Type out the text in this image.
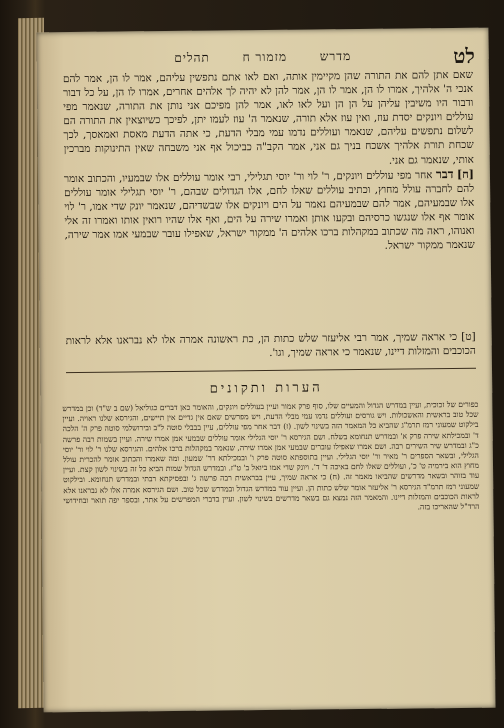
לט
מדרש מזמור ח תהלים

שאם אתן להם את התורה שהן מקיימין אותה, ואם לאו אתם נתפשין עליהם, אמר לו הן, אמר להם אנכי ה' אלהיך, אמרו לו הן, אמר לו הן, אמר להן לא יהיה לך אלהים אחרים, אמרו לו הן, על כל דבור ודבור היו משיבין עליהן על הן הן ועל לאו לאו, אמר להן מפיכם אני נותן את התורה, שנאמר מפי עוללים ויונקים יסדת עוז, ואין עוז אלא תורה, שנאמר ה' עוז לעמו יתן, לפיכך כשיוצאין את התורה הם לשלום נתפשים עליהם, שנאמר ועוללים נדמו עמי מבלי הדעת, כי אתה הדעת מאסת ואמאסך, לכך שכחת תורת אלהיך אשכח בניך גם אני, אמר הקב"ה כביכול אף אני משבחה שאין התינוקות מברכין אותי, שנאמר גם אני.

[ח] דבר אחר מפי עוללים ויונקים, ר' לוי ור' יוסי תגלילי, רבי אומר עוללים אלו שבמעיו, והכתוב אומר להם לחברה עולל מחוץ, וכתיב עוללים שאלו לחם, אלו הגדולים שבהם, ר' יוסי תגלילי אומר עוללים אלו שבמעיהם, אמר להם שבמעיהם נאמר על הים ויונקים אלו שבשדיהם, שנאמר יונק שדי אמו, ר' לוי אומר אף אלו שנגשו כרסיהם ובקעו אותן ואמרו שירה על הים, ואף אלו שהיו רואין אותו ואמרו זה אלי ואנוהו, ראה מה שכתוב במקהלות ברכו אלהים ה' ממקור ישראל, שאפילו עובר שבמעי אמו אמר שירה, שנאמר ממקור ישראל.

[ט] כי אראה שמיך, אמר רבי אליעזר שלש כתות הן, כת ראשונה אמרה אלו לא נבראנו אלא לראות הכוכבים והמזלות דיינו, שנאמר כי אראה שמיך, וגו'.

הערות ותקונים

כפורים של זכוכית, ועיין במדרש הגדול והמעיים שלו, סוף פרק אמור ועיין בעוללים ויונקים, והאומר כאן דברים כגוליאל (שם ב ש"ד) וכן במדרש שכל טוב בראשית והאשכולות. ויש גורסים ועוללים נדמו עמי מבלי הדעת, ויש מפרשים שאם אין גדיים אין תיישים, והגירסא שלנו ראויה. ועיין בילקוט שמעוני רמז תרמ"ג שהביא כל המאמר הזה בשינוי לשון. (ז) דבר אחר מפי עוללים, עיין בבבלי סוטה ל"ב ובירושלמי סוטה פרק ה' הלכה ד' ובמכילתא שירה פרק א' ובמדרש תנחומא בשלח. ושם הגירסא ר' יוסי הגלילי אומר עוללים שבמעי אמן אמרו שירה. ועיין בשמות רבה פרשה כ"ג ובמדרש שיר השירים רבה. ושם אמרו שאפילו עוברים שבמעי אמן אמרו שירה, שנאמר במקהלות ברכו אלהים. והגירסא שלנו ר' לוי ור' יוסי הגלילי, ובשאר הספרים ר' מאיר ור' יוסי הגלילי. ועיין בתוספתא סוטה פרק ו' ובמכילתא דר' שמעון. ומה שאמרו והכתוב אומר להכרית עולל מחוץ הוא בירמיה ט' כ', ועוללים שאלו לחם באיכה ד' ד'. ויונק שדי אמו ביואל ב' ט"ז. ובמדרש הגדול שמות הביא כל זה בשינוי לשון קצת. ועיין עוד בזוהר ובשאר מדרשים שהביאו מאמר זה. (ח) כי אראה שמיך, עיין בבראשית רבה פרשה ג' ובפסיקתא רבתי ובמדרש תנחומא. ובילקוט שמעוני רמז תרמ"ד הגירסא ר' אליעזר אומר שלש כתות הן. ועיין עוד במדרש הגדול ובמדרש שכל טוב. ושם הגירסא אמרה אלו לא נבראנו אלא לראות הכוכבים והמזלות דיינו. והמאמר הזה נמצא גם בשאר מדרשים בשינוי לשון. ועיין בדברי המפרשים על אתר, ובספר יפה תואר ובחידושי הרד"ל שהאריכו בזה.
